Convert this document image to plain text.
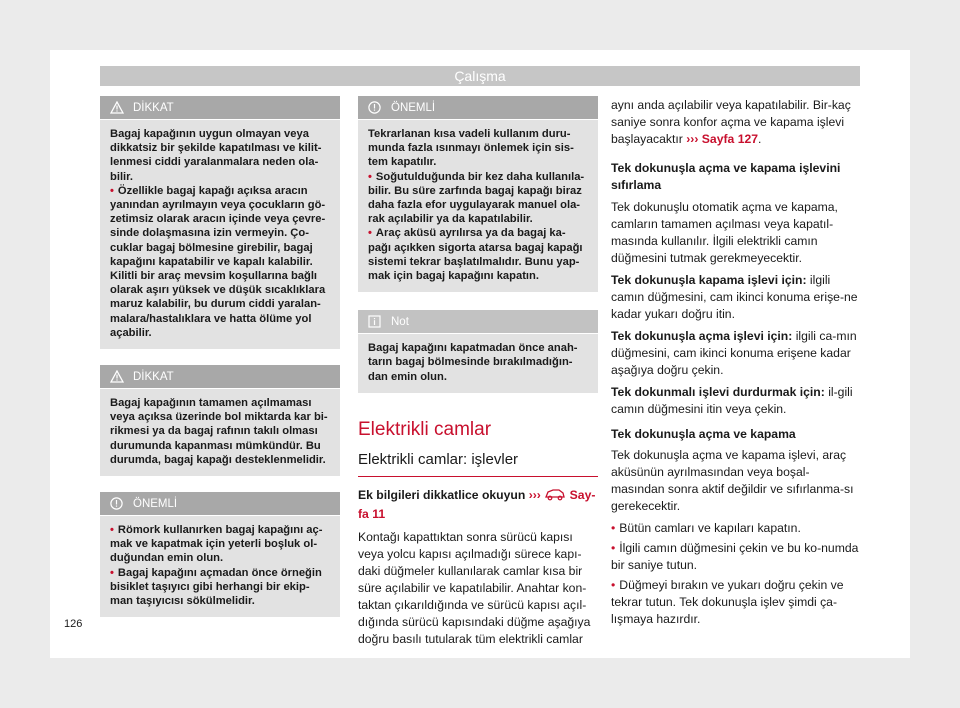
Çalışma
DİKKAT

Bagaj kapağının uygun olmayan veya dikkatsiz bir şekilde kapatılması ve kilit-lenmesi ciddi yaralanmalara neden ola-bilir.

• Özellikle bagaj kapağı açıksa aracın yanından ayrılmayın veya çocukların gö-zetimsiz olarak aracın içinde veya çevre-sinde dolaşmasına izin vermeyin. Ço-cuklar bagaj bölmesine girebilir, bagaj kapağını kapatabilir ve kapalı kalabilir. Kilitli bir araç mevsim koşullarına bağlı olarak aşırı yüksek ve düşük sıcaklıklara maruz kalabilir, bu durum ciddi yaralan-malara/hastalıklara ve hatta ölüme yol açabilir.

DİKKAT

Bagaj kapağının tamamen açılmaması veya açıksa üzerinde bol miktarda kar bi-rikmesi ya da bagaj rafının takılı olması durumunda kapanması mümkündür. Bu durumda, bagaj kapağı desteklenmelidir.

ÖNEMLİ

• Römork kullanırken bagaj kapağını aç-mak ve kapatmak için yeterli boşluk ol-duğundan emin olun.

• Bagaj kapağını açmadan önce örneğin bisiklet taşıyıcı gibi herhangi bir ekip-man taşıyıcısı sökülmelidir.

ÖNEMLİ

Tekrarlanan kısa vadeli kullanım duru-munda fazla ısınmayı önlemek için sis-tem kapatılır.

• Soğutulduğunda bir kez daha kullanıla-bilir. Bu süre zarfında bagaj kapağı biraz daha fazla efor uygulayarak manuel ola-rak açılabilir ya da kapatılabilir.

• Araç aküsü ayrılırsa ya da bagaj ka-pağı açıkken sigorta atarsa bagaj kapağı sistemi tekrar başlatılmalıdır. Bunu yap-mak için bagaj kapağını kapatın.

Not

Bagaj kapağını kapatmadan önce anah-tarın bagaj bölmesinde bırakılmadığın-dan emin olun.

Elektrikli camlar

Elektrikli camlar: işlevler

Ek bilgileri dikkatlice okuyun ››› Say-fa 11

Kontağı kapattıktan sonra sürücü kapısı veya yolcu kapısı açılmadığı sürece kapı-daki düğmeler kullanılarak camlar kısa bir süre açılabilir ve kapatılabilir. Anahtar kon-taktan çıkarıldığında ve sürücü kapısı açıl-dığında sürücü kapısındaki düğme aşağıya doğru basılı tutularak tüm elektrikli camlar

aynı anda açılabilir veya kapatılabilir. Bir-kaç saniye sonra konfor açma ve kapama işlevi başlayacaktır ››› Sayfa 127.

Tek dokunuşla açma ve kapama işlevini sıfırlama

Tek dokunuşlu otomatik açma ve kapama, camların tamamen açılması veya kapatıl-masında kullanılır. İlgili elektrikli camın düğmesini tutmak gerekmeyecektir.

Tek dokunuşla kapama işlevi için: ilgili camın düğmesini, cam ikinci konuma erişe-ne kadar yukarı doğru itin.

Tek dokunuşla açma işlevi için: ilgili ca-mın düğmesini, cam ikinci konuma erişene kadar aşağıya doğru çekin.

Tek dokunmalı işlevi durdurmak için: il-gili camın düğmesini itin veya çekin.

Tek dokunuşla açma ve kapama

Tek dokunuşla açma ve kapama işlevi, araç aküsünün ayrılmasından veya boşal-masından sonra aktif değildir ve sıfırlanma-sı gerekecektir.

• Bütün camları ve kapıları kapatın.

• İlgili camın düğmesini çekin ve bu ko-numda bir saniye tutun.

• Düğmeyi bırakın ve yukarı doğru çekin ve tekrar tutun. Tek dokunuşla işlev şimdi ça-lışmaya hazırdır.

126
